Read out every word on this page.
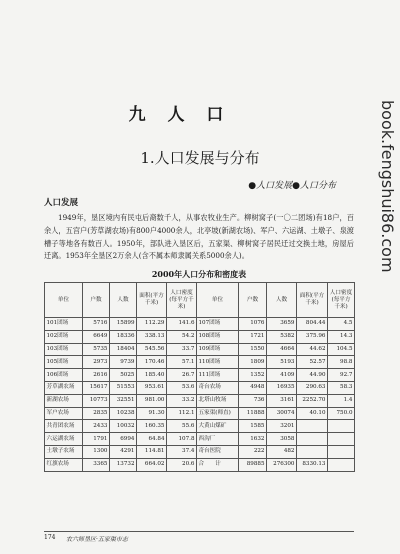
九 人 口
1.人口发展与分布
●人口发展●人口分布
人口发展

1949年，垦区境内有民屯后裔数千人，从事农牧业生产。柳树窝子(一〇二团场)有18户，百余人，五宫户(芳草湖农场)有800户4000余人，北亭坡(新湖农场)、军户、六运湖、土墩子、泉渡槽子等地各有数百人。1950年，部队进入垦区后，五家渠、柳树窝子居民迁过交换土地，房屋后迁离。1953年全垦区2万余人(含不属本师隶属关系5000余人)。

2000年人口分布和密度表
单位	户数	人数	面积(平方千米)	人口密度(每平方千米)	单位	户数	人数	面积(平方千米)	人口密度(每平方千米)
101团场	5716	15899	112.29	141.6	107团场	1076	3659	804.44	4.5
102团场	6649	18336	338.13	54.2	108团场	1721	5382	375.96	14.3
103团场	5735	18404	545.56	33.7	109团场	1550	4664	44.62	104.5
105团场	2973	9739	170.46	57.1	110团场	1809	5193	52.57	98.8
106团场	2616	5025	185.40	26.7	111团场	1352	4109	44.90	92.7
芳草湖农场	15617	51553	953.61	53.6	奇台农场	4948	16935	290.63	58.3
新湖农场	10773	32551	981.00	33.2	北塔山牧场	736	3161	2252.70	1.4
军户农场	2835	10238	91.30	112.1	五家渠(师直)	11888	30074	40.10	750.0
共青团农场	2433	10032	160.35	55.6	大黄山煤矿	1585	3201		
六运湖农场	1791	6994	64.84	107.8	西沟厂	1632	3058		
土墩子农场	1300	4291	114.81	37.4	奇台医院	222	482		
红旗农场	3365	13732	664.02	20.6	合　　计	89885	276300	8330.13	
174 农六师垦区·五家渠市志
book.fengshui86.com
